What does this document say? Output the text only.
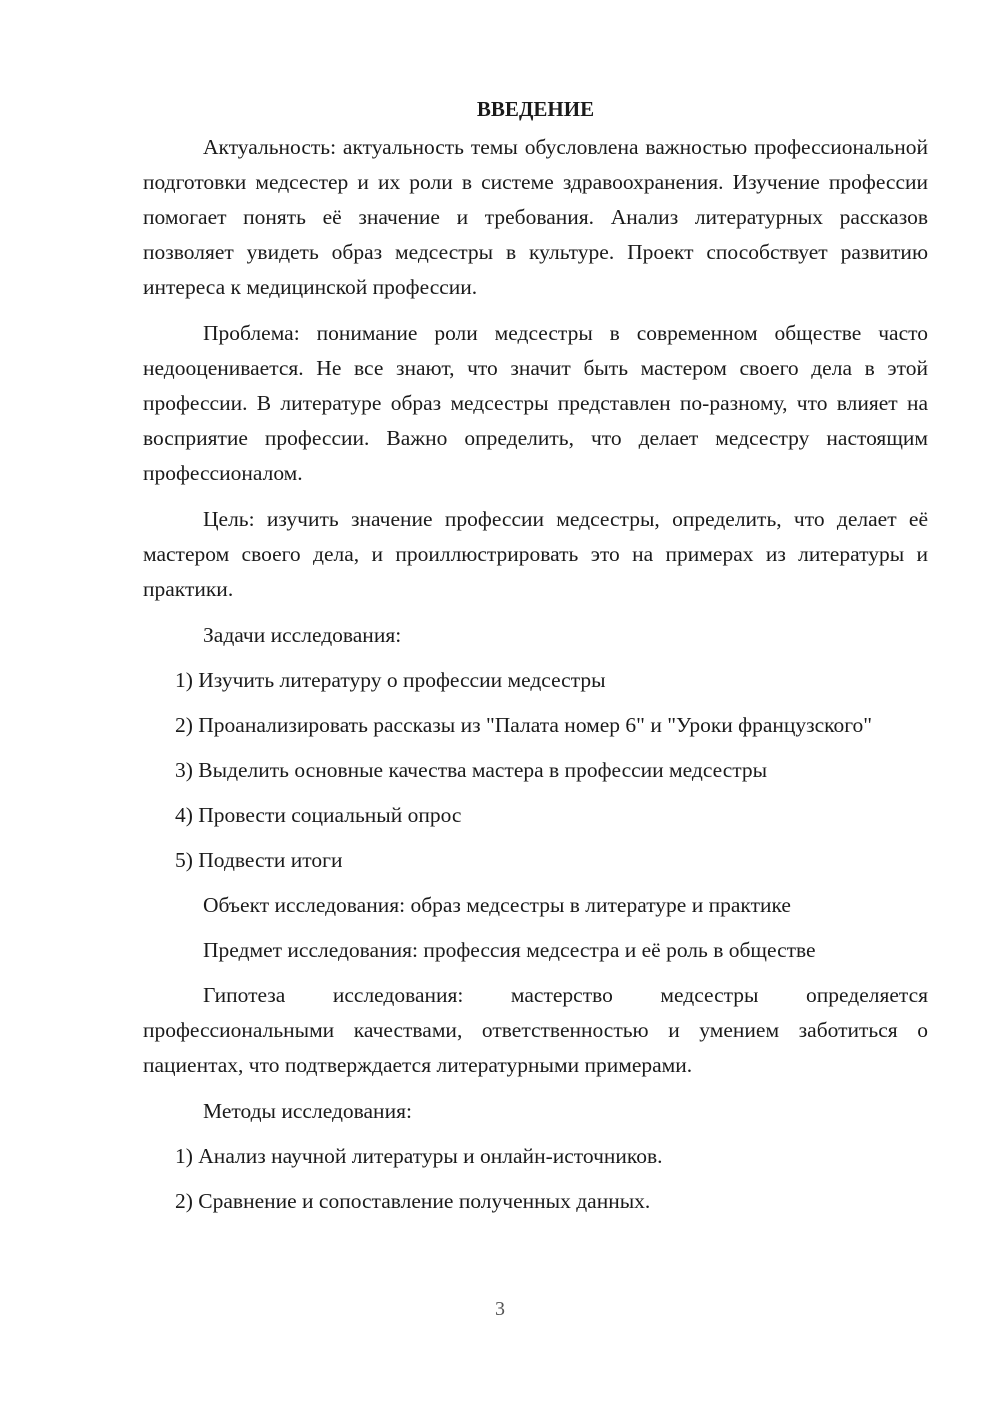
ВВЕДЕНИЕ

Актуальность: актуальность темы обусловлена важностью профессиональной подготовки медсестер и их роли в системе здравоохранения. Изучение профессии помогает понять её значение и требования. Анализ литературных рассказов позволяет увидеть образ медсестры в культуре. Проект способствует развитию интереса к медицинской профессии.

Проблема: понимание роли медсестры в современном обществе часто недооценивается. Не все знают, что значит быть мастером своего дела в этой профессии. В литературе образ медсестры представлен по-разному, что влияет на восприятие профессии. Важно определить, что делает медсестру настоящим профессионалом.

Цель: изучить значение профессии медсестры, определить, что делает её мастером своего дела, и проиллюстрировать это на примерах из литературы и практики.

Задачи исследования:

1) Изучить литературу о профессии медсестры

2) Проанализировать рассказы из "Палата номер 6" и "Уроки французского"

3) Выделить основные качества мастера в профессии медсестры

4) Провести социальный опрос

5) Подвести итоги

Объект исследования: образ медсестры в литературе и практике

Предмет исследования: профессия медсестра и её роль в обществе

Гипотеза исследования: мастерство медсестры определяется профессиональными качествами, ответственностью и умением заботиться о пациентах, что подтверждается литературными примерами.

Методы исследования:

1) Анализ научной литературы и онлайн-источников.

2) Сравнение и сопоставление полученных данных.

3
